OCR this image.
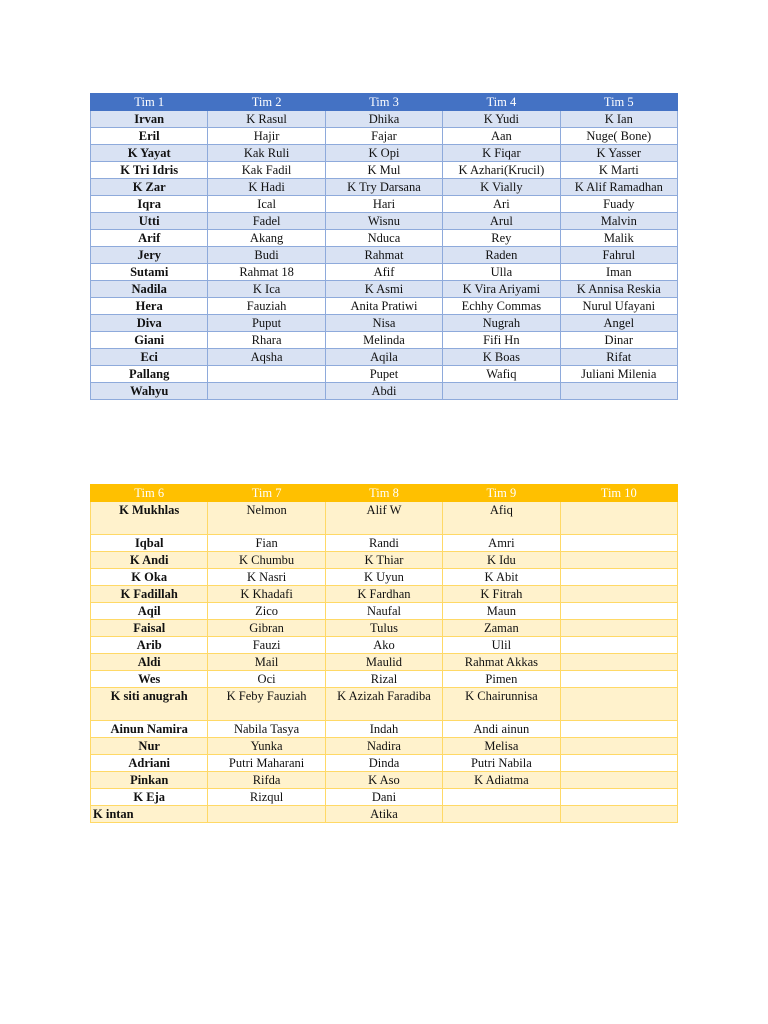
Tim 1	Tim 2	Tim 3	Tim 4	Tim 5
Irvan	K Rasul	Dhika	K Yudi	K Ian
Eril	Hajir	Fajar	Aan	Nuge( Bone)
K Yayat	Kak Ruli	K Opi	K Fiqar	K Yasser
K Tri Idris	Kak Fadil	K Mul	K Azhari(Krucil)	K Marti
K Zar	K Hadi	K Try Darsana	K Vially	K Alif Ramadhan
Iqra	Ical	Hari	Ari	Fuady
Utti	Fadel	Wisnu	Arul	Malvin
Arif	Akang	Nduca	Rey	Malik
Jery	Budi	Rahmat	Raden	Fahrul
Sutami	Rahmat 18	Afif	Ulla	Iman
Nadila	K Ica	K Asmi	K Vira Ariyami	K Annisa Reskia
Hera	Fauziah	Anita Pratiwi	Echhy Commas	Nurul Ufayani
Diva	Puput	Nisa	Nugrah	Angel
Giani	Rhara	Melinda	Fifi Hn	Dinar
Eci	Aqsha	Aqila	K Boas	Rifat
Pallang		Pupet	Wafiq	Juliani Milenia
Wahyu		Abdi		
Tim 6	Tim 7	Tim 8	Tim 9	Tim 10
K Mukhlas	Nelmon	Alif W	Afiq	
Iqbal	Fian	Randi	Amri	
K Andi	K Chumbu	K Thiar	K Idu	
K Oka	K Nasri	K Uyun	K Abit	
K Fadillah	K Khadafi	K Fardhan	K Fitrah	
Aqil	Zico	Naufal	Maun	
Faisal	Gibran	Tulus	Zaman	
Arib	Fauzi	Ako	Ulil	
Aldi	Mail	Maulid	Rahmat Akkas	
Wes	Oci	Rizal	Pimen	
K siti anugrah	K Feby Fauziah	K Azizah Faradiba	K Chairunnisa	
Ainun Namira	Nabila Tasya	Indah	Andi ainun	
Nur	Yunka	Nadira	Melisa	
Adriani	Putri Maharani	Dinda	Putri Nabila	
Pinkan	Rifda	K Aso	K Adiatma	
K Eja	Rizqul	Dani		
K intan		Atika		
